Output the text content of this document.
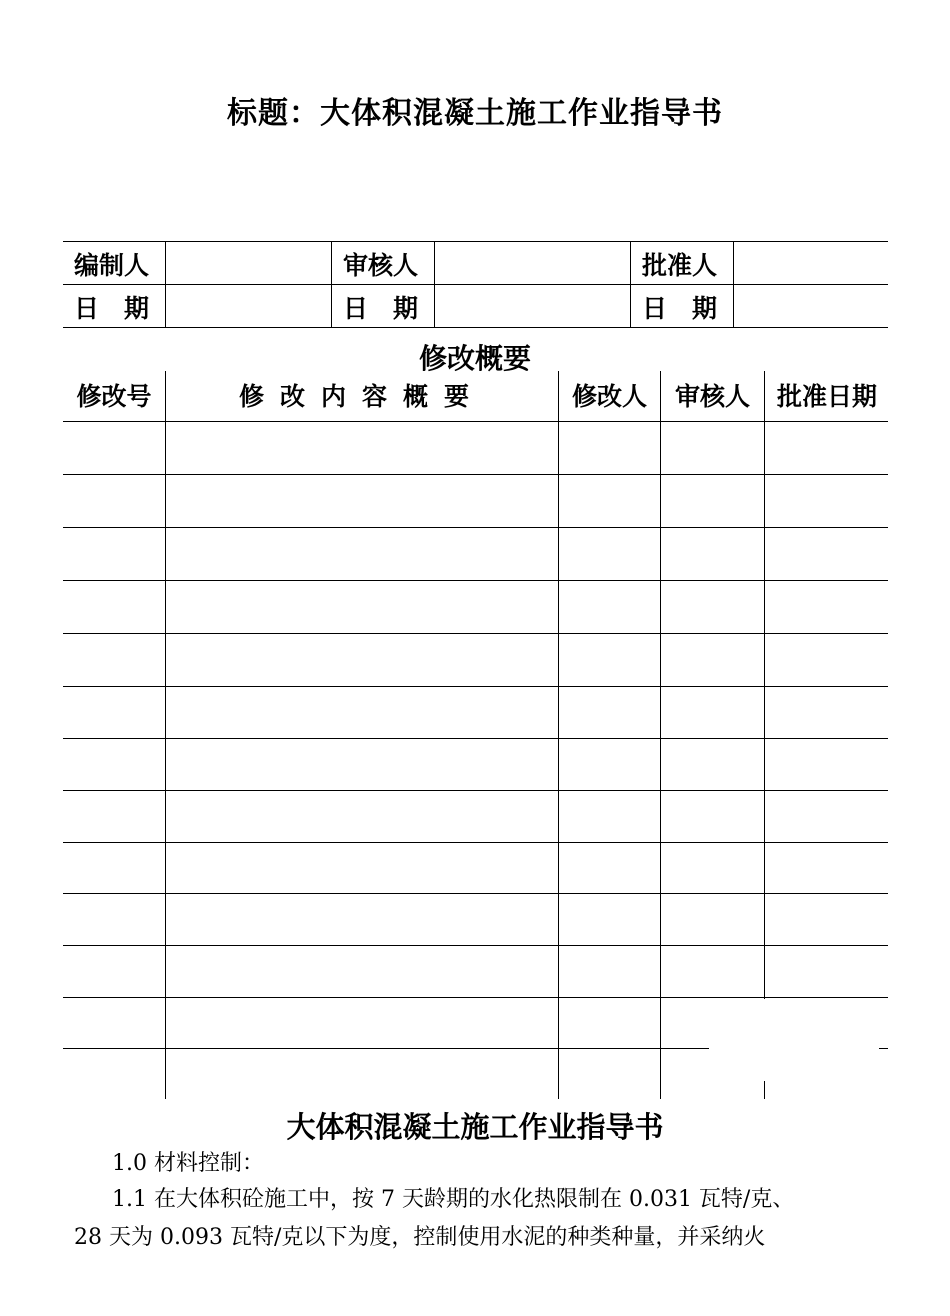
标题：大体积混凝土施工作业指导书
编制人	审核人	批准人
日　期	日　期	日　期
修改概要
修改号	修改内容概要	修改人	审核人	批准日期
大体积混凝土施工作业指导书
1.0 材料控制：
1.1 在大体积砼施工中，按 7 天龄期的水化热限制在 0.031 瓦特/克、
28 天为 0.093 瓦特/克以下为度，控制使用水泥的种类种量，并采纳火
